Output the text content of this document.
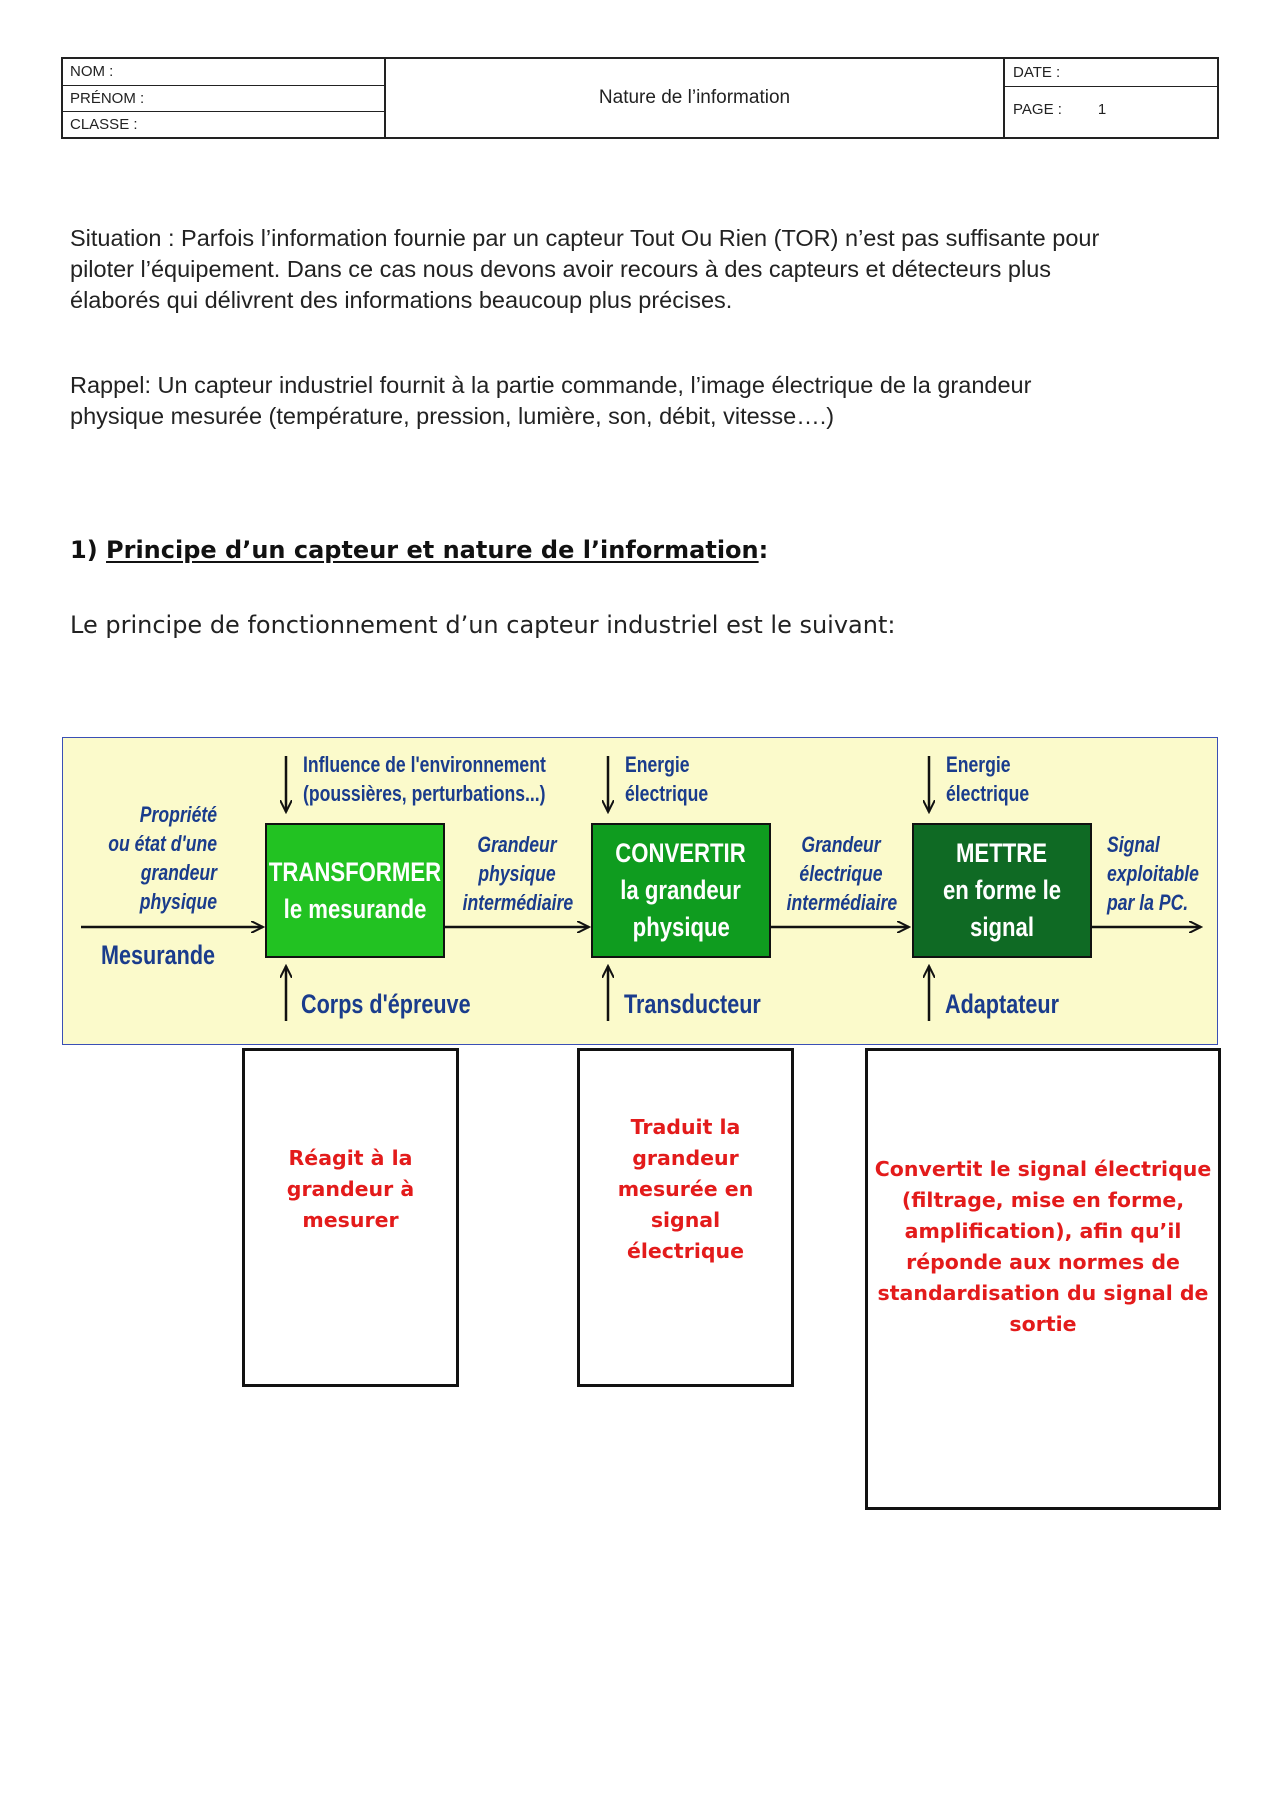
NOM :
PRÉNOM :
CLASSE :
Nature de l’information
DATE :
PAGE : 1
Situation : Parfois l’information fournie par un capteur Tout Ou Rien (TOR) n’est pas suffisante pour
piloter l’équipement. Dans ce cas nous devons avoir recours à des capteurs et détecteurs plus
élaborés qui délivrent des informations beaucoup plus précises.
Rappel: Un capteur industriel fournit à la partie commande, l’image électrique de la grandeur
physique mesurée (température, pression, lumière, son, débit, vitesse….)
1) Principe d’un capteur et nature de l’information:
Le principe de fonctionnement d’un capteur industriel est le suivant:
Propriété
ou état d'une
grandeur
physique
Mesurande
Influence de l'environnement
(poussières, perturbations...)
Energie
électrique
Energie
électrique
TRANSFORMER
le mesurande
CONVERTIR
la grandeur
physique
METTRE
en forme le
signal
Grandeur
physique
intermédiaire
Grandeur
électrique
intermédiaire
Signal
exploitable
par la PC.
Corps d'épreuve	Transducteur	Adaptateur
Réagit à la
grandeur à
mesurer
Traduit la
grandeur
mesurée en signal
électrique
Convertit le signal électrique
(filtrage, mise en forme,
amplification), afin qu’il
réponde aux normes de
standardisation du signal de
sortie
